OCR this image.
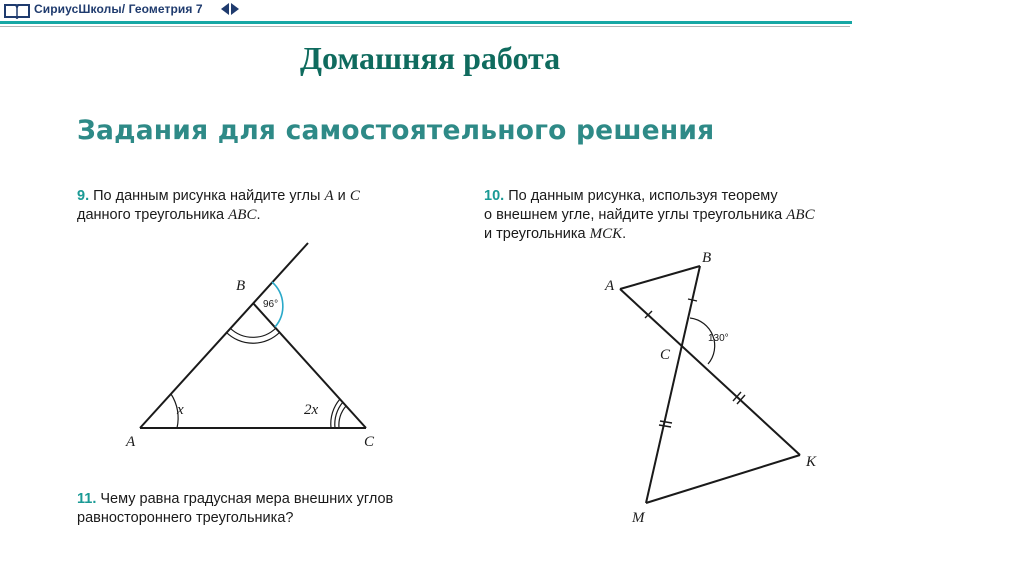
СириусШколы/ Геометрия 7
Домашняя работа
Задания для самостоятельного решения
9. По данным рисунка найдите углы A и C
данного треугольника ABC.
10. По данным рисунка, используя теорему
о внешнем угле, найдите углы треугольника ABC
и треугольника MCK.
11. Чему равна градусная мера внешних углов
равностороннего треугольника?
A
B
C
x	2x
96°
A
B
C
M
K
130°
